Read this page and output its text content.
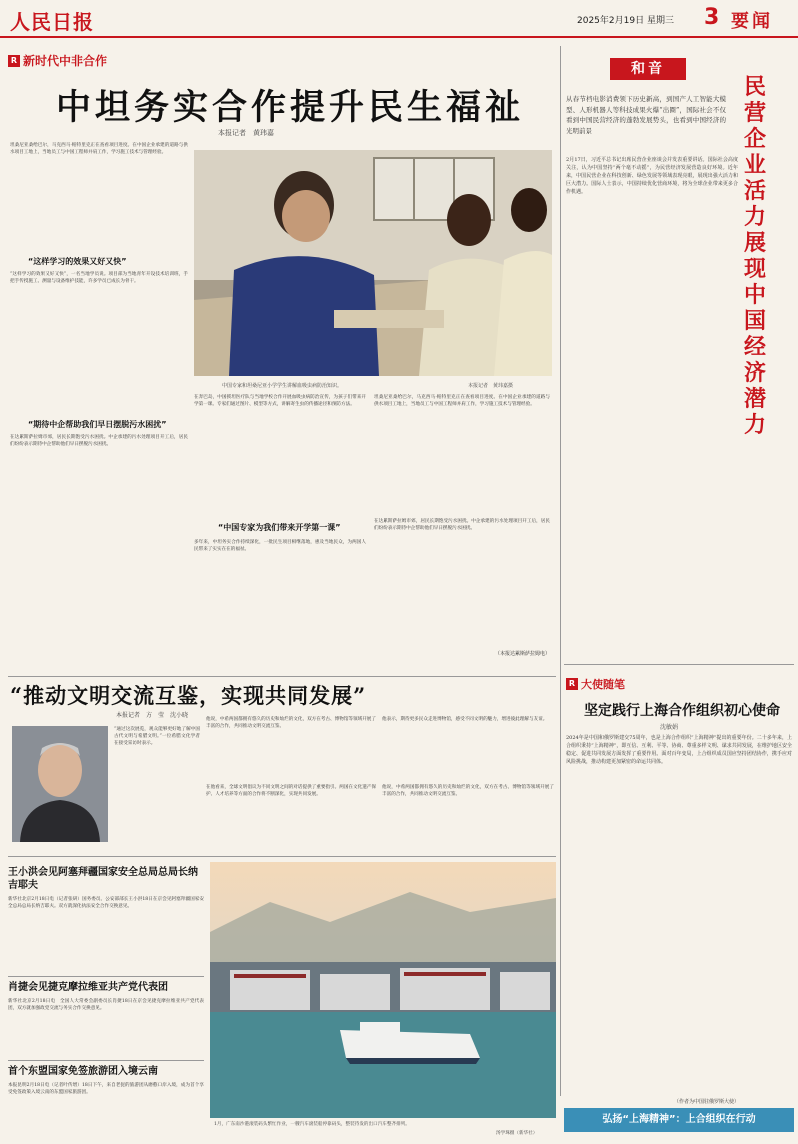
人民日报	2025年2月19日 星期三 3 要闻
R 新时代中非合作
中坦务实合作提升民生福祉
本报记者　黄玮嘉
坦桑尼亚桑给巴尔，马克西马·帕特里克正在查看项目进度。在中国企业承建的道路与供水项目工地上，当地员工与中国工程师并肩工作，学习施工技术与管理经验。
“这样学习的效果又好又快”
“这样学习的效果又好又快”，一名当地学员说。项目部为当地青年开设技术培训班，手把手传授施工、测量与设备维护技能，许多学员已成长为骨干。
“期待中企帮助我们早日摆脱污水困扰”
在达累斯萨拉姆市郊，居民长期饱受污水困扰。中企承建的污水处理项目开工后，居民们纷纷表示期待中企帮助他们早日摆脱污水困扰。
中国专家和坦桑尼亚小学学生讲解血吸虫病防治知识。	本报记者　黄玮嘉摄
在奔巴岛，中国援坦医疗队与当地学校合作开展血吸虫病防治宣传，为孩子们带来开学第一课。专家们通过图片、模型等方式，讲解寄生虫的传播途径和预防方法。
“中国专家为我们带来开学第一课”
多年来，中坦务实合作持续深化，一批民生项目相继落地，惠及当地民众，为两国人民带来了实实在在的福祉。
坦桑尼亚桑给巴尔，马克西马·帕特里克正在查看项目进度。在中国企业承建的道路与供水项目工地上，当地员工与中国工程师并肩工作，学习施工技术与管理经验。
在达累斯萨拉姆市郊，居民长期饱受污水困扰。中企承建的污水处理项目开工后，居民们纷纷表示期待中企帮助他们早日摆脱污水困扰。
（本报达累斯萨拉姆电）
和音
从春节档电影消费领下历史新高，到国产人工智能大模型、人形机器人等科技成果火爆“出圈”，国际社会不仅看到中国民营经济的蓬勃发展势头，也看到中国经济的光明前景
民营企业活力展现中国经济潜力
2月17日，习近平总书记出席民营企业座谈会并发表重要讲话。国际社会高度关注，认为中国坚持“两个毫不动摇”，为民营经济发展营造良好环境。近年来，中国民营企业在科技创新、绿色发展等领域表现亮眼，展现出强大活力和巨大潜力。国际人士表示，中国持续优化营商环境，将为全球企业带来更多合作机遇。
“推动文明交流互鉴，实现共同发展”
本报记者　方　莹　沈小晓
“通过这次展览，观众能够更好地了解中国古代文明与希腊文明。”一位希腊文化学者在接受采访时表示。
他说，中希两国都拥有悠久的历史和灿烂的文化，双方在考古、博物馆等领域开展了丰富的合作，共同推动文明交流互鉴。
在他看来，全球文明倡议为不同文明之间的对话提供了重要指引。两国在文化遗产保护、人才培养等方面的合作将不断深化，实现共同发展。
他表示，期待更多民众走进博物馆，感受不同文明的魅力，增进彼此理解与友谊。
他说，中希两国都拥有悠久的历史和灿烂的文化，双方在考古、博物馆等领域开展了丰富的合作，共同推动文明交流互鉴。
王小洪会见阿塞拜疆国家安全总局总局长纳吉耶夫
新华社北京2月18日电（记者张研）国务委员、公安部部长王小洪18日在京会见阿塞拜疆国家安全总局总局长纳吉耶夫。双方就深化执法安全合作交换意见。
肖捷会见捷克摩拉维亚共产党代表团
新华社北京2月18日电　全国人大常委会副委员长肖捷18日在京会见捷克摩拉维亚共产党代表团，双方就加强政党交流与务实合作交换意见。
首个东盟国家免签旅游团入境云南
本报昆明2月18日电（记者叶传增）18日下午，来自老挝的旅游团从磨憨口岸入境，成为首个享受免签政策入境云南的东盟国家旅游团。
1月，广东南沙港滚装码头繁忙作业，一艘汽车滚装船停靠码头，整装待发的出口汽车整齐排列。
汤学珠摄（新华社）
R 大使随笔
坚定践行上海合作组织初心使命
沈敏娟
2024年是中国和俄罗斯建交75周年，也是上海合作组织“上海精神”提出的重要年份。二十多年来，上合组织秉持“上海精神”，即互信、互利、平等、协商、尊重多样文明、谋求共同发展，在维护地区安全稳定、促进共同发展方面发挥了重要作用。面对百年变局，上合组织成员国应坚持团结协作，携手应对风险挑战，推动构建更加紧密的命运共同体。
（作者为中国驻俄罗斯大使）
弘扬“上海精神”：上合组织在行动
